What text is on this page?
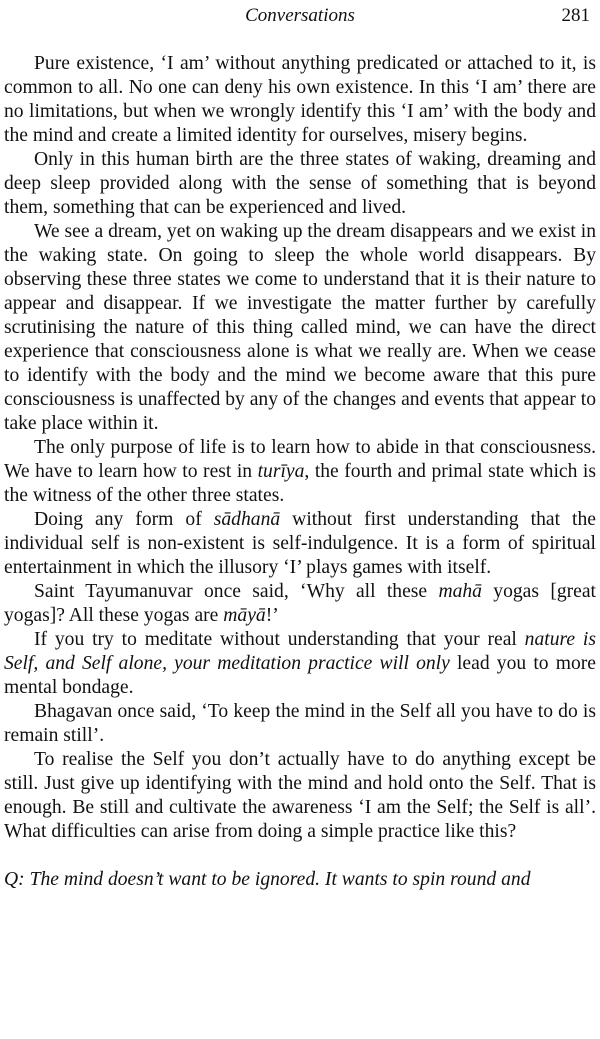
Conversations	281

Pure existence, ‘I am’ without anything predicated or attached to it, is common to all. No one can deny his own existence. In this ‘I am’ there are no limitations, but when we wrongly identify this ‘I am’ with the body and the mind and create a limited identity for ourselves, misery begins.

Only in this human birth are the three states of waking, dreaming and deep sleep provided along with the sense of something that is beyond them, something that can be experienced and lived.

We see a dream, yet on waking up the dream disappears and we exist in the waking state. On going to sleep the whole world disappears. By observing these three states we come to understand that it is their nature to appear and disappear. If we investigate the matter further by carefully scrutinising the nature of this thing called mind, we can have the direct experience that consciousness alone is what we really are. When we cease to identify with the body and the mind we become aware that this pure consciousness is unaffected by any of the changes and events that appear to take place within it.

The only purpose of life is to learn how to abide in that consciousness. We have to learn how to rest in turīya, the fourth and primal state which is the witness of the other three states.

Doing any form of sādhanā without first understanding that the individual self is non-existent is self-indulgence. It is a form of spiritual entertainment in which the illusory ‘I’ plays games with itself.

Saint Tayumanuvar once said, ‘Why all these mahā yogas [great yogas]? All these yogas are māyā!’

If you try to meditate without understanding that your real nature is Self, and Self alone, your meditation practice will only lead you to more mental bondage.

Bhagavan once said, ‘To keep the mind in the Self all you have to do is remain still’.

To realise the Self you don’t actually have to do anything except be still. Just give up identifying with the mind and hold onto the Self. That is enough. Be still and cultivate the awareness ‘I am the Self; the Self is all’. What difficulties can arise from doing a simple practice like this?

Q: The mind doesn’t want to be ignored. It wants to spin round and
